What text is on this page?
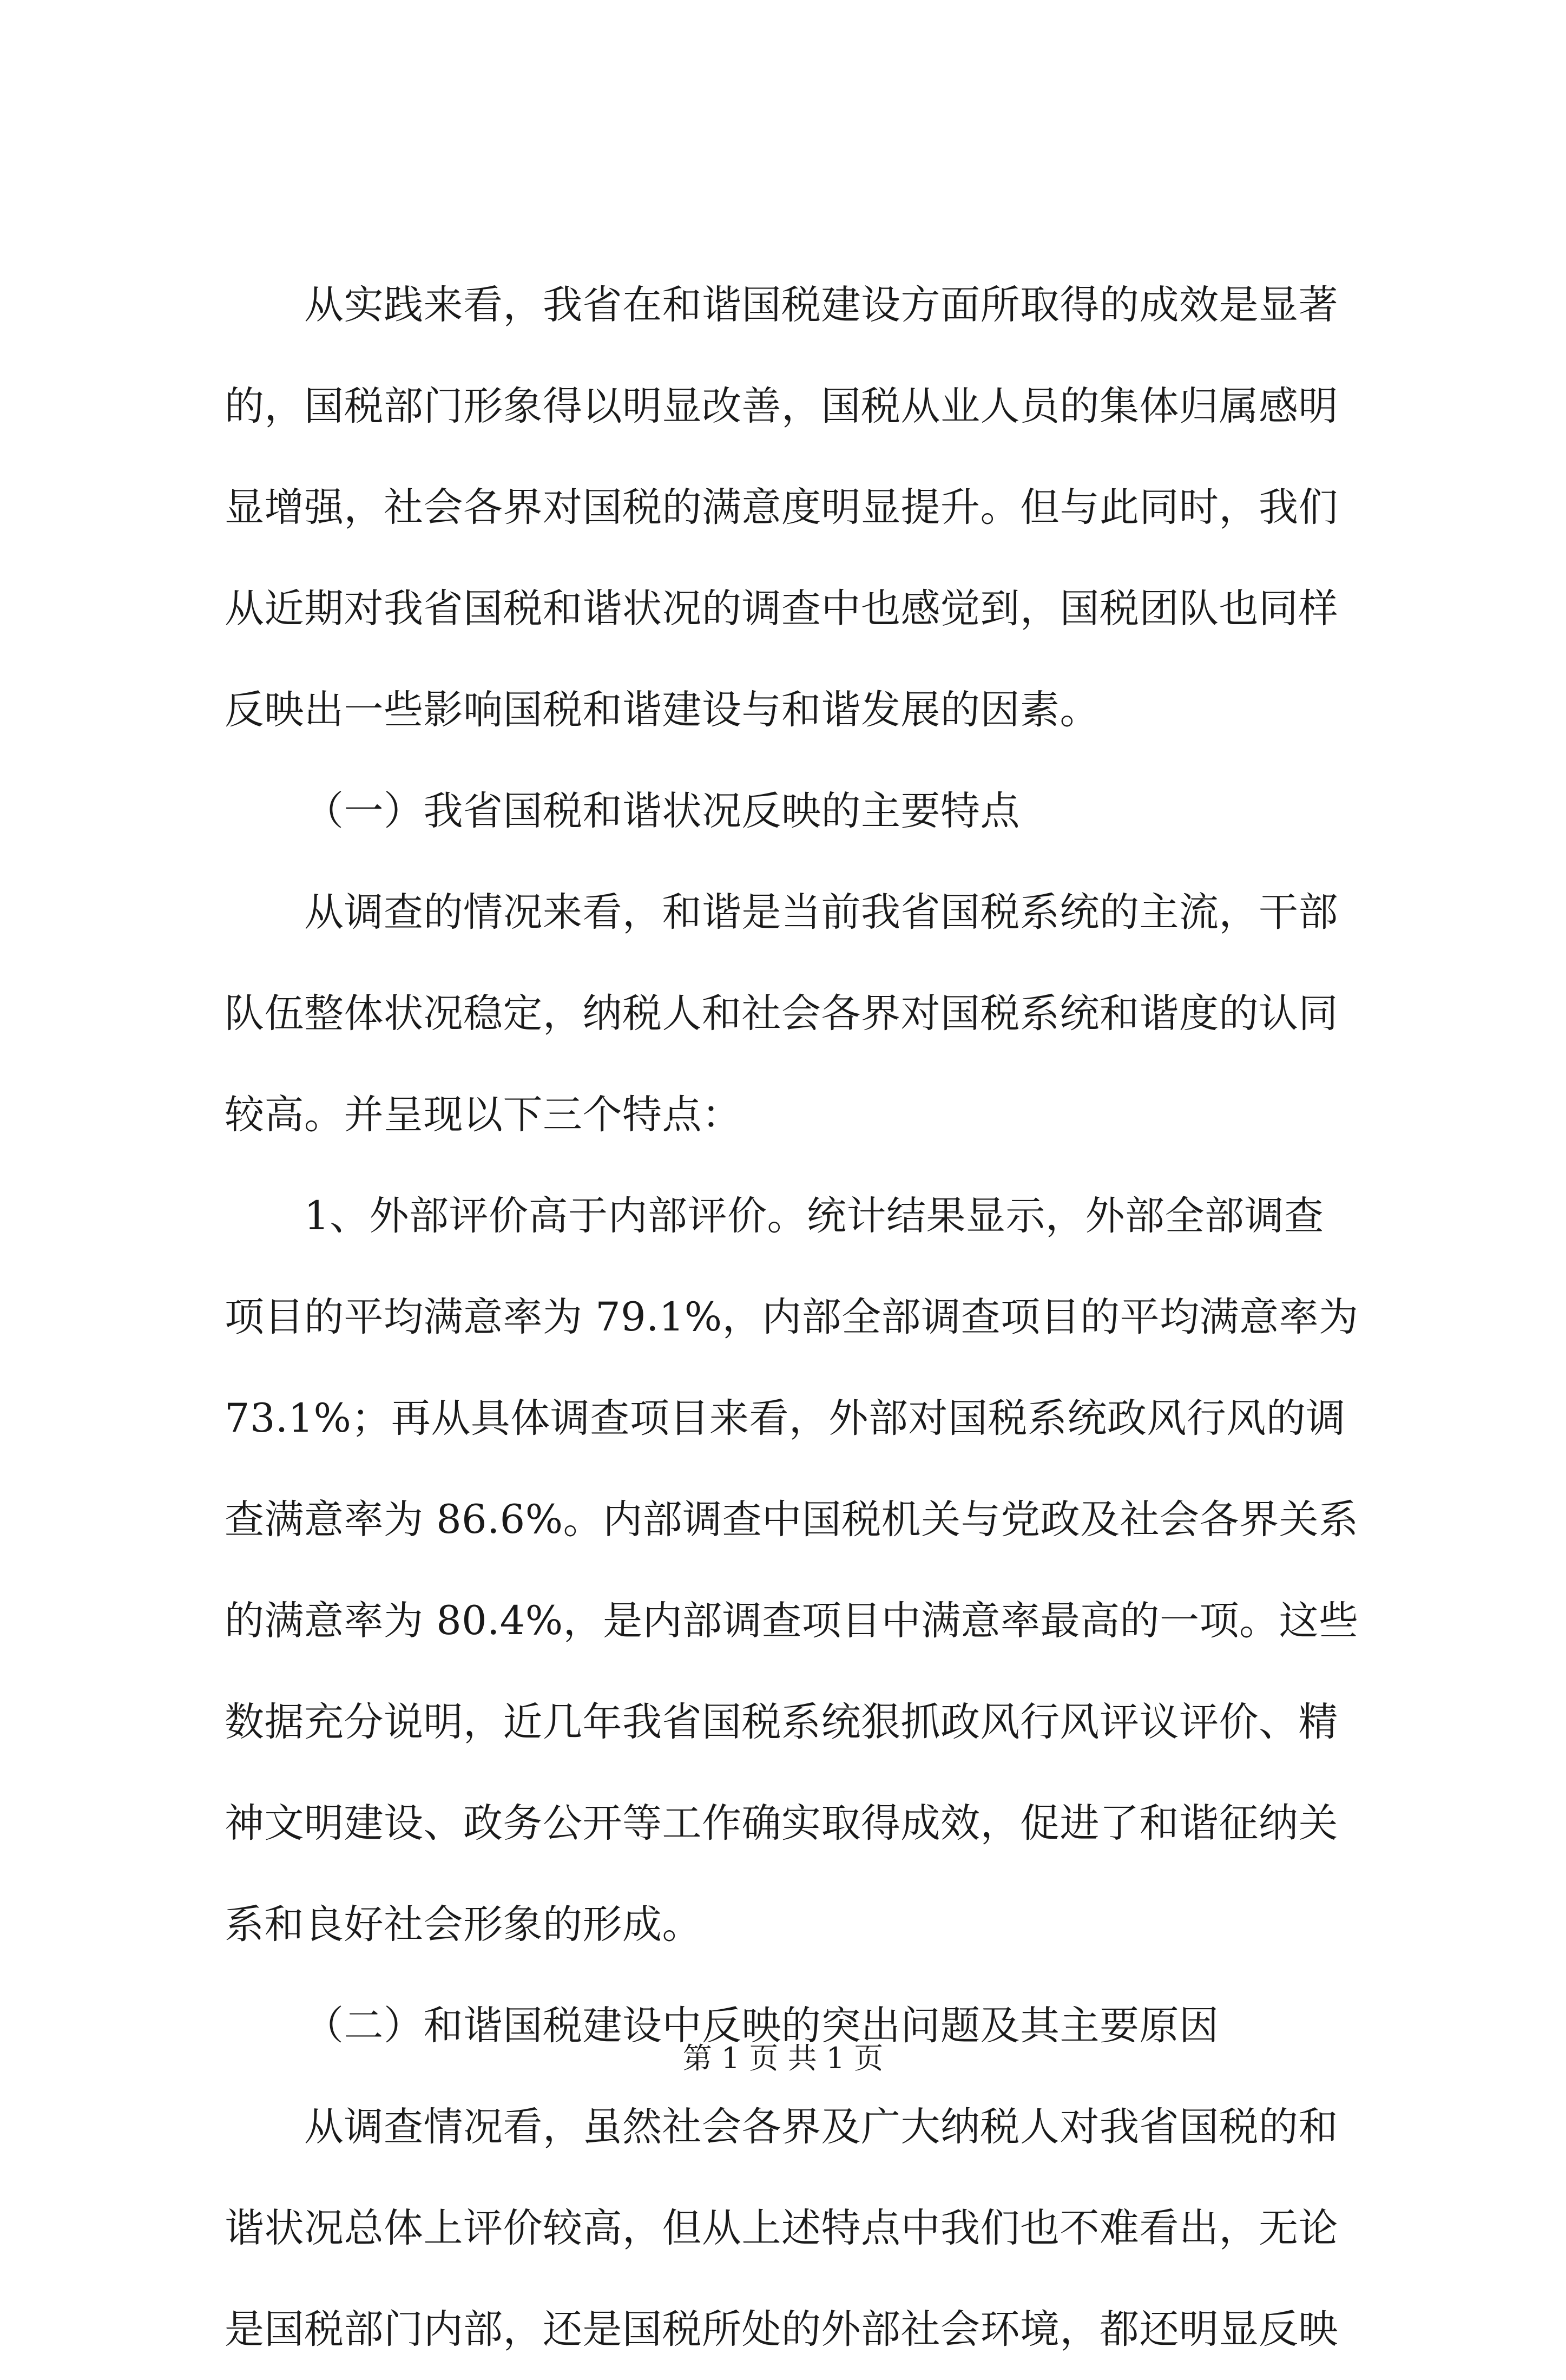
从实践来看，我省在和谐国税建设方面所取得的成效是显著
的，国税部门形象得以明显改善，国税从业人员的集体归属感明
显增强，社会各界对国税的满意度明显提升。但与此同时，我们
从近期对我省国税和谐状况的调查中也感觉到，国税团队也同样
反映出一些影响国税和谐建设与和谐发展的因素。
（一）我省国税和谐状况反映的主要特点
从调查的情况来看，和谐是当前我省国税系统的主流，干部
队伍整体状况稳定，纳税人和社会各界对国税系统和谐度的认同
较高。并呈现以下三个特点：
1、外部评价高于内部评价。统计结果显示，外部全部调查
项目的平均满意率为 79.1%，内部全部调查项目的平均满意率为
73.1%；再从具体调查项目来看，外部对国税系统政风行风的调
查满意率为 86.6%。内部调查中国税机关与党政及社会各界关系
的满意率为 80.4%，是内部调查项目中满意率最高的一项。这些
数据充分说明，近几年我省国税系统狠抓政风行风评议评价、精
神文明建设、政务公开等工作确实取得成效，促进了和谐征纳关
系和良好社会形象的形成。
（二）和谐国税建设中反映的突出问题及其主要原因
从调查情况看，虽然社会各界及广大纳税人对我省国税的和
谐状况总体上评价较高，但从上述特点中我们也不难看出，无论
是国税部门内部，还是国税所处的外部社会环境，都还明显反映
第 1 页 共 1 页
